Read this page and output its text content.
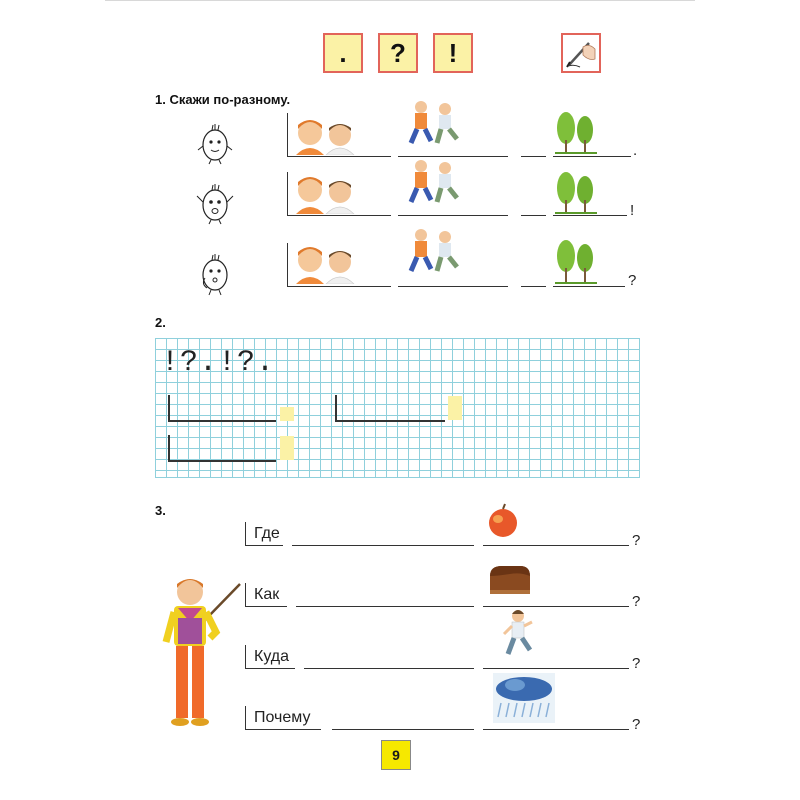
.	?	!
1. Скажи по-разному.
.
!
?
2.
!?.!?.
3.
Где	?
Как	?
Куда	?
Почему	?
9
